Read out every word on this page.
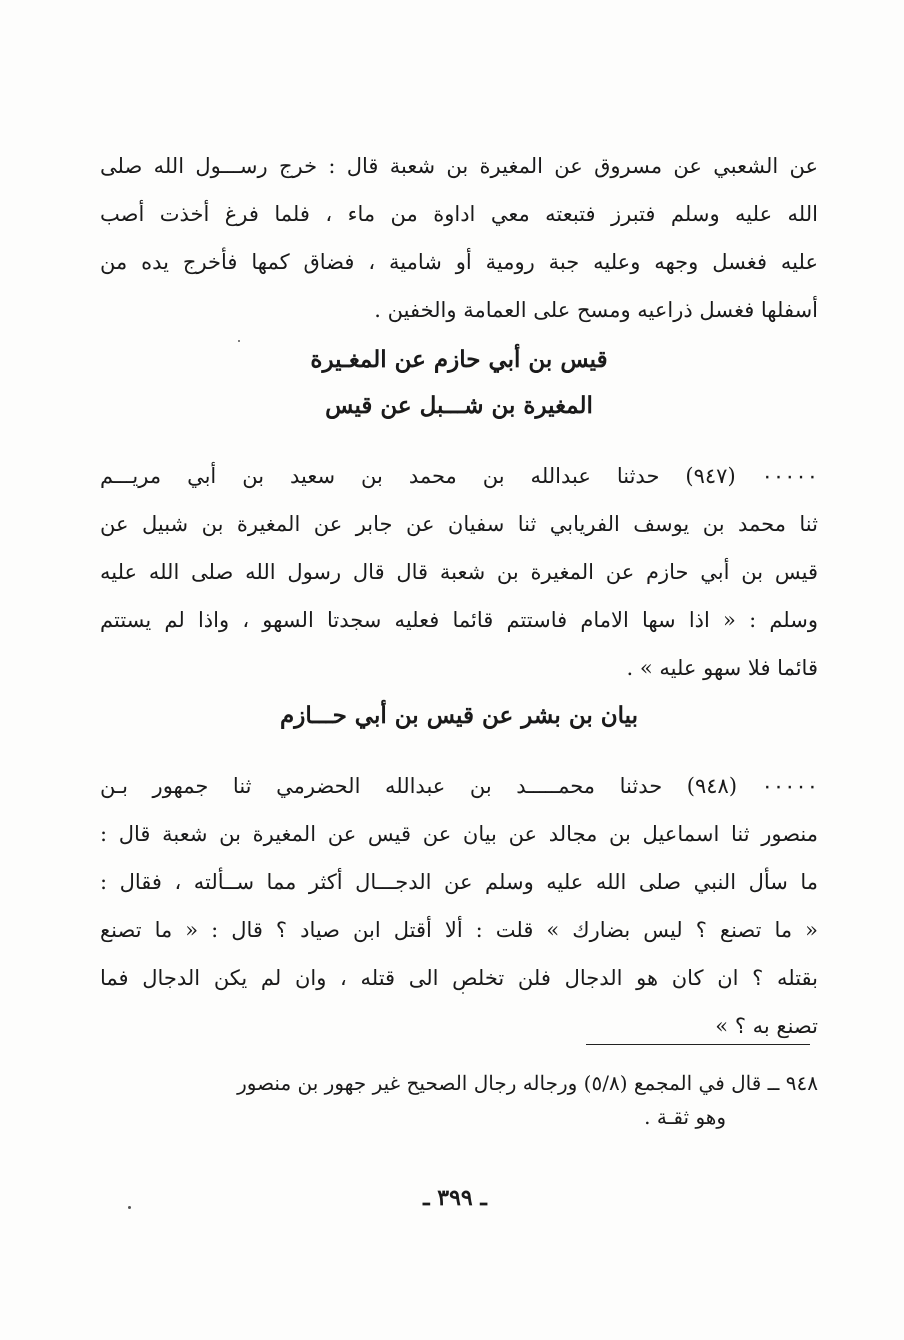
عن الشعبي عن مسروق عن المغيرة بن شعبة قال : خرج رســـول الله صلى
الله عليه وسلم فتبرز فتبعته معي اداوة من ماء ، فلما فرغ أخذت أصب
عليه فغسل وجهه وعليه جبة رومية أو شامية ، فضاق كمها فأخرج يده من
أسفلها فغسل ذراعيه ومسح على العمامة والخفين .
قيس بن أبي حازم عن المغـيرة
المغيرة بن شـــبل عن قيس
٠٠٠٠٠ (٩٤٧) حدثنا عبدالله بن محمد بن سعيد بن أبي مريـــم
ثنا محمد بن يوسف الفريابي ثنا سفيان عن جابر عن المغيرة بن شبيل عن
قيس بن أبي حازم عن المغيرة بن شعبة قال قال رسول الله صلى الله عليه
وسلم : « اذا سها الامام فاستتم قائما فعليه سجدتا السهو ، واذا لم يستتم
قائما فلا سهو عليه » .
بيان بن بشر عن قيس بن أبي حـــازم
٠٠٠٠٠ (٩٤٨) حدثنا محمـــــد بن عبدالله الحضرمي ثنا جمهور بـن
منصور ثنا اسماعيل بن مجالد عن بيان عن قيس عن المغيرة بن شعبة قال :
ما سأل النبي صلى الله عليه وسلم عن الدجـــال أكثر مما ســألته ، فقال :
« ما تصنع ؟ ليس بضارك » قلت : ألا أقتل ابن صياد ؟ قال : « ما تصنع
بقتله ؟ ان كان هو الدجال فلن تخلص الى قتله ، وان لم يكن الدجال فما
تصنع به ؟ »
٩٤٨ ــ قال في المجمع (٥/٨) ورجاله رجال الصحيح غير جهور بن منصور
وهو ثقـة .
ـ ٣٩٩ ـ
